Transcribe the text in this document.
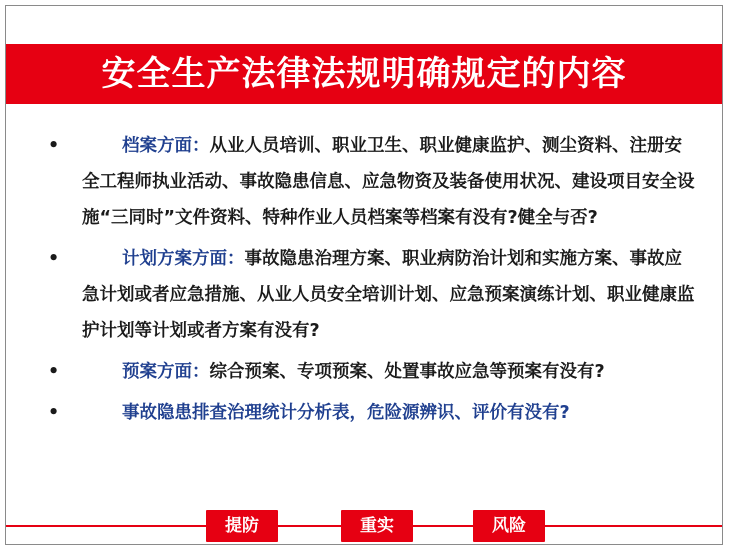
安全生产法律法规明确规定的内容
•	档案方面：从业人员培训、职业卫生、职业健康监护、测尘资料、注册安全工程师执业活动、事故隐患信息、应急物资及装备使用状况、建设项目安全设施“三同时”文件资料、特种作业人员档案等档案有没有?健全与否?
•	计划方案方面：事故隐患治理方案、职业病防治计划和实施方案、事故应急计划或者应急措施、从业人员安全培训计划、应急预案演练计划、职业健康监护计划等计划或者方案有没有?
•	预案方面：综合预案、专项预案、处置事故应急等预案有没有?
•	事故隐患排查治理统计分析表，危险源辨识、评价有没有?
提防	重实	风险
